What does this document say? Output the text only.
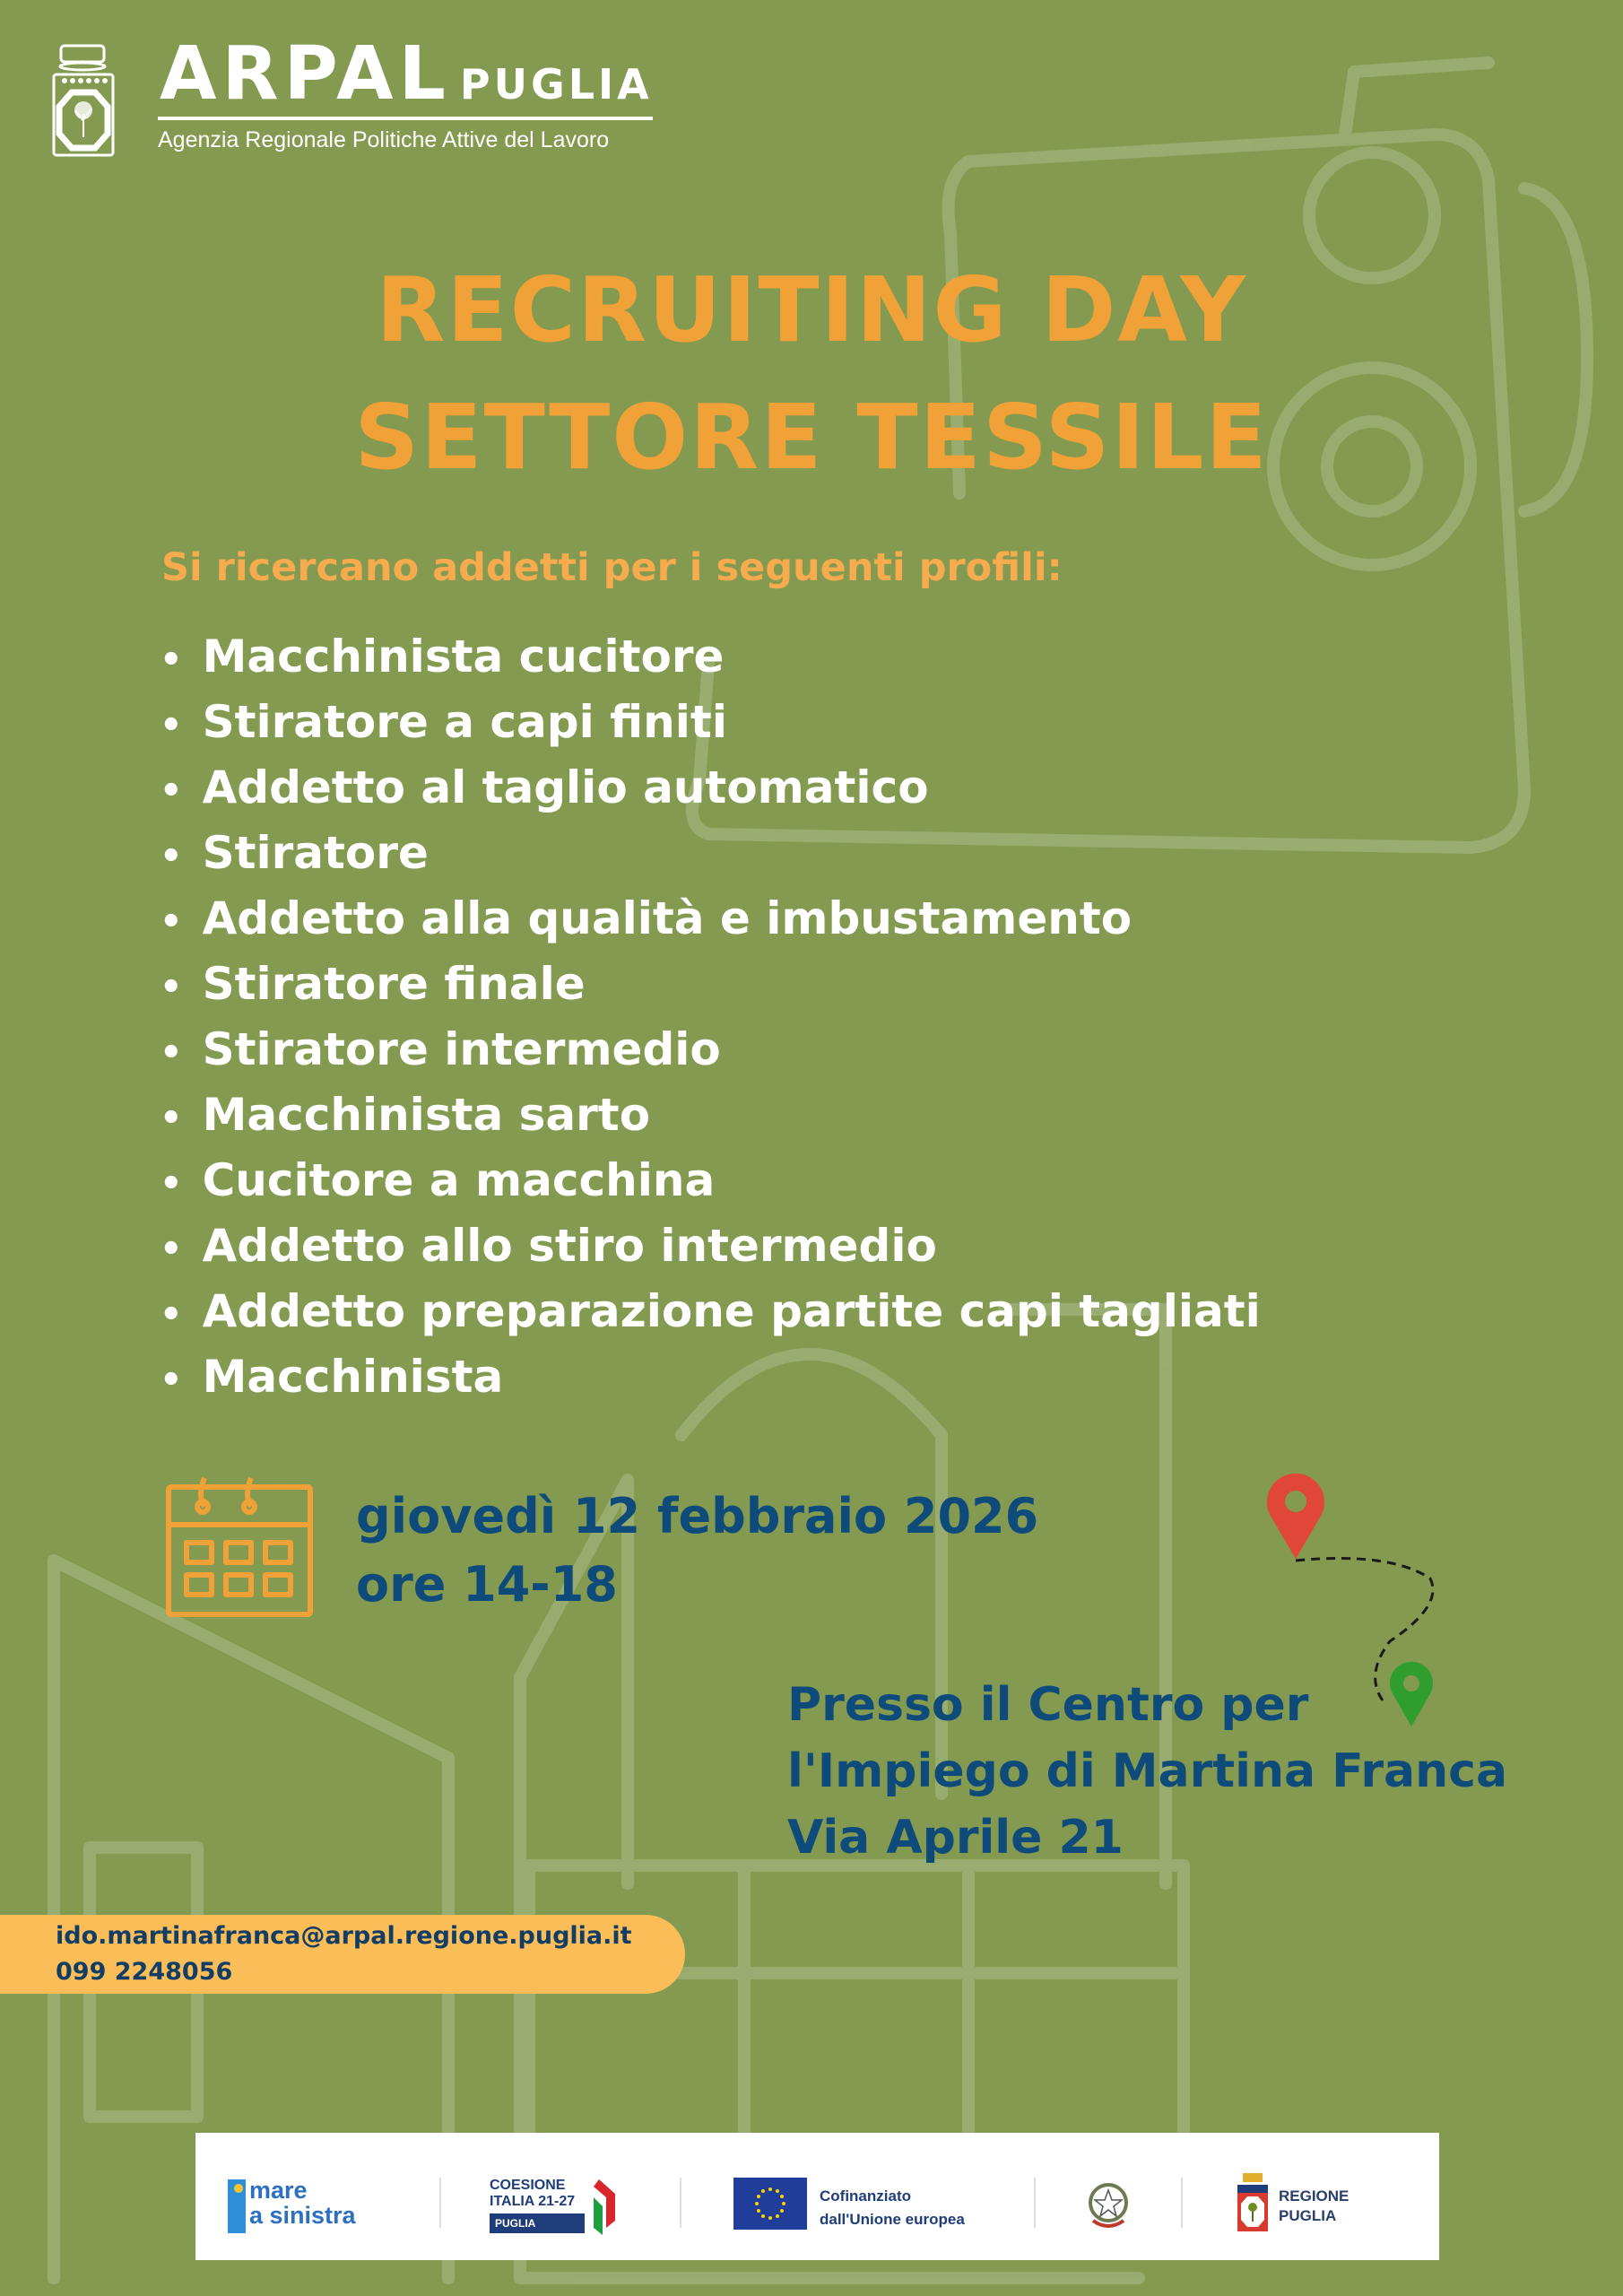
ARPAL PUGLIA
Agenzia Regionale Politiche Attive del Lavoro
RECRUITING DAY
SETTORE TESSILE
Si ricercano addetti per i seguenti profili:
• Macchinista cucitore
• Stiratore a capi finiti
• Addetto al taglio automatico
• Stiratore
• Addetto alla qualità e imbustamento
• Stiratore finale
• Stiratore intermedio
• Macchinista sarto
• Cucitore a macchina
• Addetto allo stiro intermedio
• Addetto preparazione partite capi tagliati
• Macchinista
giovedì 12 febbraio 2026
ore 14-18
Presso il Centro per
l'Impiego di Martina Franca
Via Aprile 21
ido.martinafranca@arpal.regione.puglia.it
099 2248056
mare
a sinistra
COESIONE
ITALIA 21-27
PUGLIA
Cofinanziato
dall'Unione europea
REGIONE
PUGLIA
